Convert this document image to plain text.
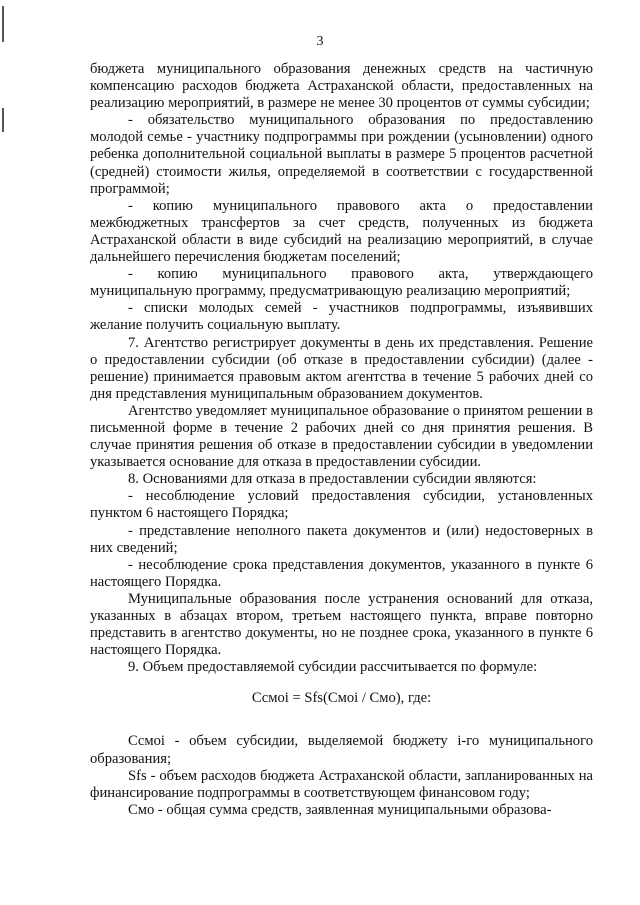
3

бюджета муниципального образования денежных средств на частичную компенсацию расходов бюджета Астраханской области, предоставленных на реализацию мероприятий, в размере не менее 30 процентов от суммы субсидии;

- обязательство муниципального образования по предоставлению молодой семье - участнику подпрограммы при рождении (усыновлении) одного ребенка дополнительной социальной выплаты в размере 5 процентов расчетной (средней) стоимости жилья, определяемой в соответствии с государственной программой;

- копию муниципального правового акта о предоставлении межбюджетных трансфертов за счет средств, полученных из бюджета Астраханской области в виде субсидий на реализацию мероприятий, в случае дальнейшего перечисления бюджетам поселений;

- копию муниципального правового акта, утверждающего муниципальную программу, предусматривающую реализацию мероприятий;

- списки молодых семей - участников подпрограммы, изъявивших желание получить социальную выплату.

7. Агентство регистрирует документы в день их представления. Решение о предоставлении субсидии (об отказе в предоставлении субсидии) (далее - решение) принимается правовым актом агентства в течение 5 рабочих дней со дня представления муниципальным образованием документов.

Агентство уведомляет муниципальное образование о принятом решении в письменной форме в течение 2 рабочих дней со дня принятия решения. В случае принятия решения об отказе в предоставлении субсидии в уведомлении указывается основание для отказа в предоставлении субсидии.

8. Основаниями для отказа в предоставлении субсидии являются:

- несоблюдение условий предоставления субсидии, установленных пунктом 6 настоящего Порядка;

- представление неполного пакета документов и (или) недостоверных в них сведений;

- несоблюдение срока представления документов, указанного в пункте 6 настоящего Порядка.

Муниципальные образования после устранения оснований для отказа, указанных в абзацах втором, третьем настоящего пункта, вправе повторно представить в агентство документы, но не позднее срока, указанного в пункте 6 настоящего Порядка.

9. Объем предоставляемой субсидии рассчитывается по формуле:

Ссмоi = Sfs(Смоi / Смо), где:

Ссмоi - объем субсидии, выделяемой бюджету i-го муниципального образования;

Sfs - объем расходов бюджета Астраханской области, запланированных на финансирование подпрограммы в соответствующем финансовом году;

Смо - общая сумма средств, заявленная муниципальными образова-
